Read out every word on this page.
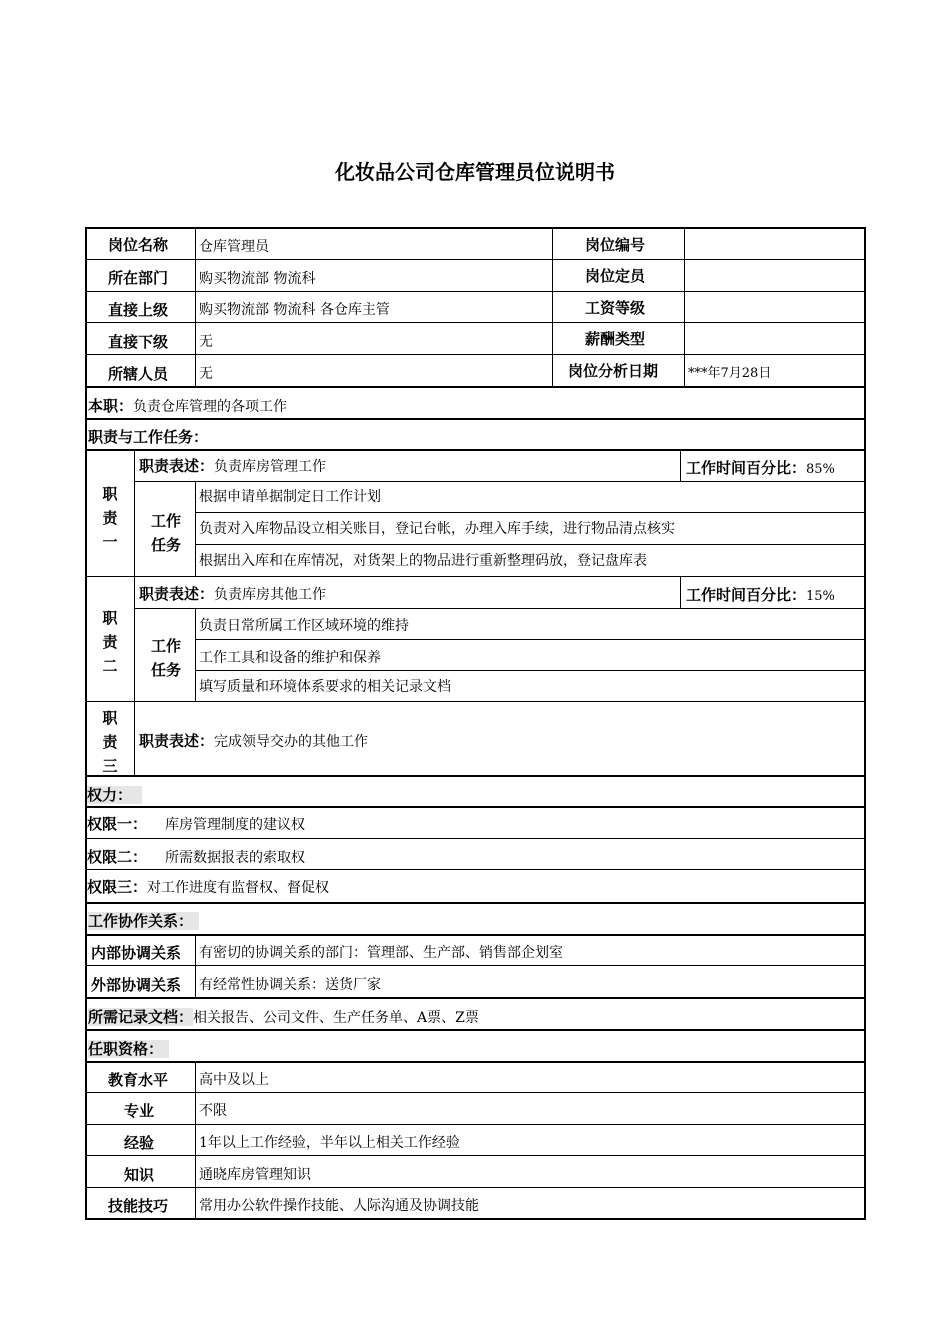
化妆品公司仓库管理员位说明书
岗位名称 仓库管理员	岗位编号
所在部门 购买物流部 物流科	岗位定员
直接上级 购买物流部 物流科 各仓库主管	工资等级
直接下级 无	薪酬类型
所辖人员 无	岗位分析日期 ***年7月28日
本职：负责仓库管理的各项工作
职责与工作任务：
职
责
一
职责表述：负责库房管理工作	工作时间百分比：85%
工作
任务
根据申请单据制定日工作计划
负责对入库物品设立相关账目，登记台帐，办理入库手续，进行物品清点核实
根据出入库和在库情况，对货架上的物品进行重新整理码放，登记盘库表
职
责
二
职责表述：负责库房其他工作	工作时间百分比：15%
工作
任务
负责日常所属工作区域环境的维持
工作工具和设备的维护和保养
填写质量和环境体系要求的相关记录文档
职
责
三
职责表述：完成领导交办的其他工作
权力：
权限一： 库房管理制度的建议权
权限二： 所需数据报表的索取权
权限三：对工作进度有监督权、督促权
工作协作关系：
内部协调关系 有密切的协调关系的部门：管理部、生产部、销售部企划室
外部协调关系 有经常性协调关系：送货厂家
所需记录文档：相关报告、公司文件、生产任务单、A票、Z票
任职资格：
教育水平 高中及以上
专业	不限
经验	1年以上工作经验，半年以上相关工作经验
知识	通晓库房管理知识
技能技巧 常用办公软件操作技能、人际沟通及协调技能
